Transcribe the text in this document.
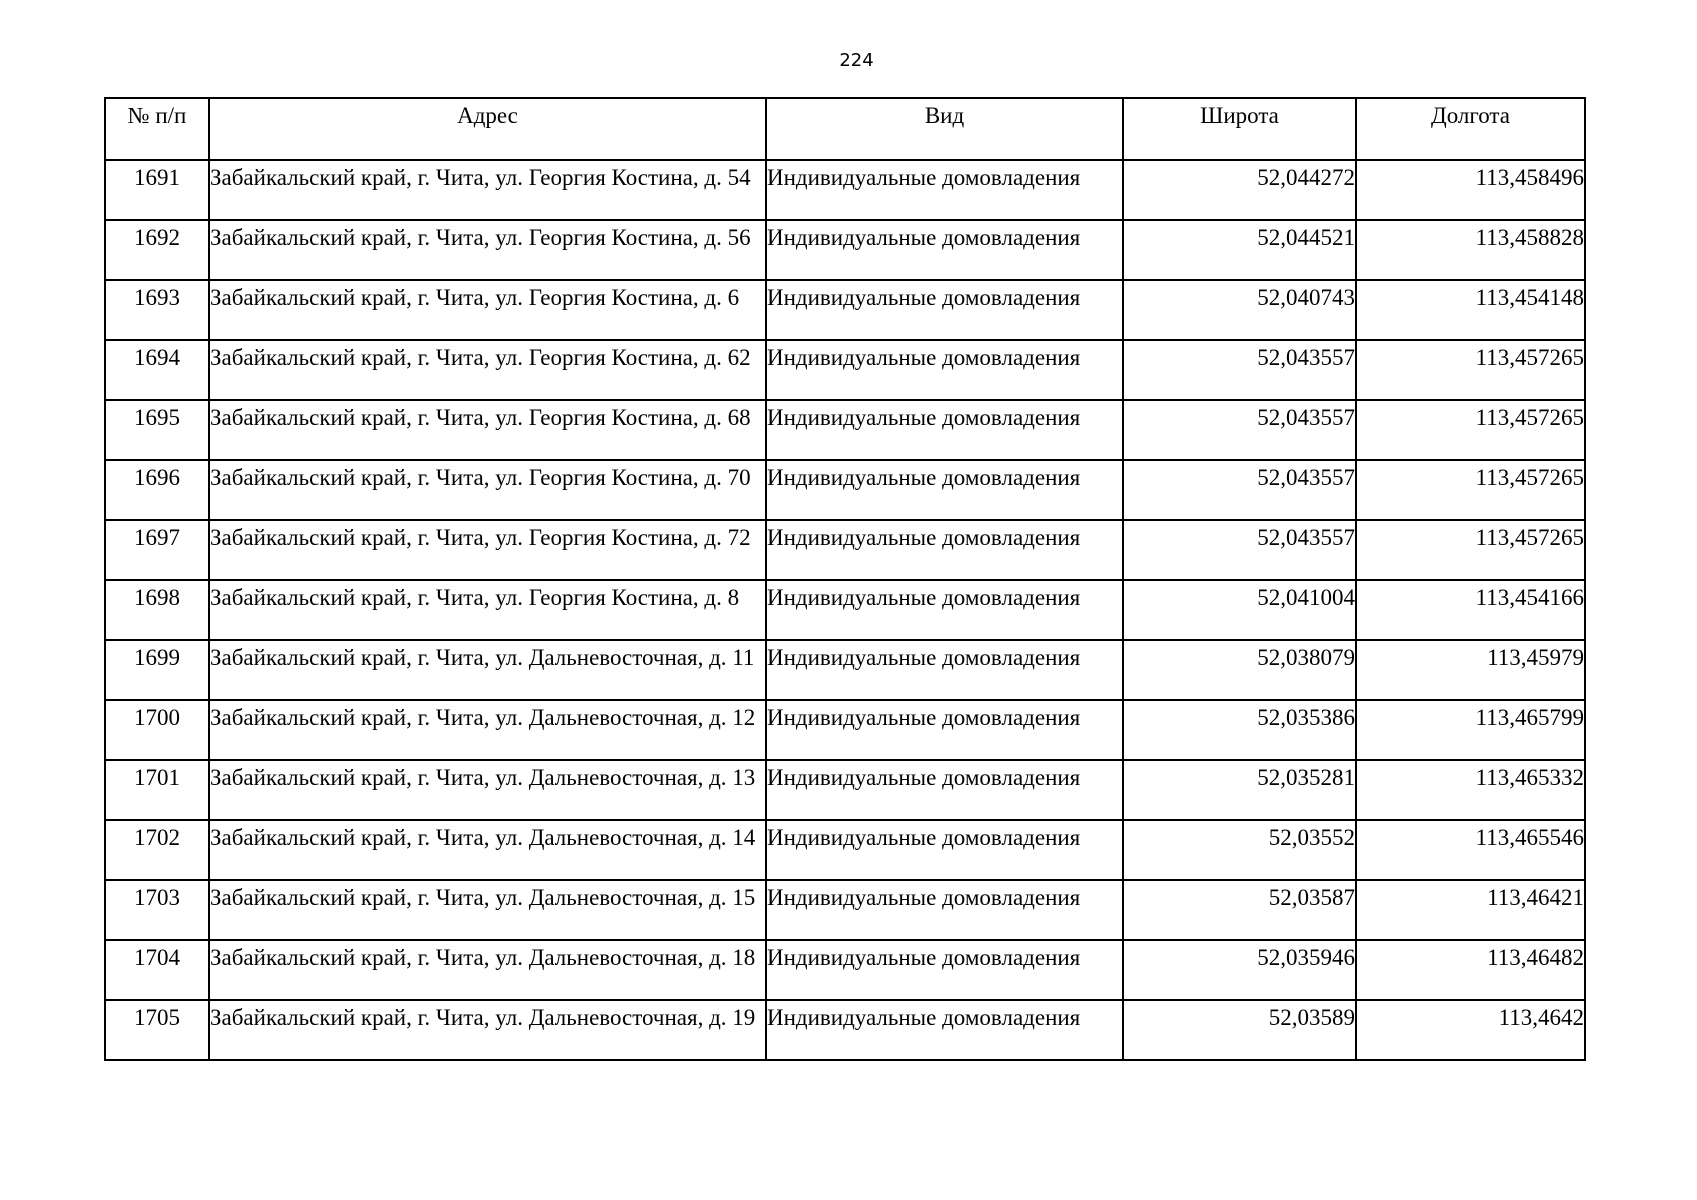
224
№ п/п	Адрес	Вид	Широта	Долгота
1691	Забайкальский край, г. Чита, ул. Георгия Костина, д. 54	Индивидуальные домовладения	52,044272	113,458496
1692	Забайкальский край, г. Чита, ул. Георгия Костина, д. 56	Индивидуальные домовладения	52,044521	113,458828
1693	Забайкальский край, г. Чита, ул. Георгия Костина, д. 6	Индивидуальные домовладения	52,040743	113,454148
1694	Забайкальский край, г. Чита, ул. Георгия Костина, д. 62	Индивидуальные домовладения	52,043557	113,457265
1695	Забайкальский край, г. Чита, ул. Георгия Костина, д. 68	Индивидуальные домовладения	52,043557	113,457265
1696	Забайкальский край, г. Чита, ул. Георгия Костина, д. 70	Индивидуальные домовладения	52,043557	113,457265
1697	Забайкальский край, г. Чита, ул. Георгия Костина, д. 72	Индивидуальные домовладения	52,043557	113,457265
1698	Забайкальский край, г. Чита, ул. Георгия Костина, д. 8	Индивидуальные домовладения	52,041004	113,454166
1699	Забайкальский край, г. Чита, ул. Дальневосточная, д. 11	Индивидуальные домовладения	52,038079	113,45979
1700	Забайкальский край, г. Чита, ул. Дальневосточная, д. 12	Индивидуальные домовладения	52,035386	113,465799
1701	Забайкальский край, г. Чита, ул. Дальневосточная, д. 13	Индивидуальные домовладения	52,035281	113,465332
1702	Забайкальский край, г. Чита, ул. Дальневосточная, д. 14	Индивидуальные домовладения	52,03552	113,465546
1703	Забайкальский край, г. Чита, ул. Дальневосточная, д. 15	Индивидуальные домовладения	52,03587	113,46421
1704	Забайкальский край, г. Чита, ул. Дальневосточная, д. 18	Индивидуальные домовладения	52,035946	113,46482
1705	Забайкальский край, г. Чита, ул. Дальневосточная, д. 19	Индивидуальные домовладения	52,03589	113,4642
